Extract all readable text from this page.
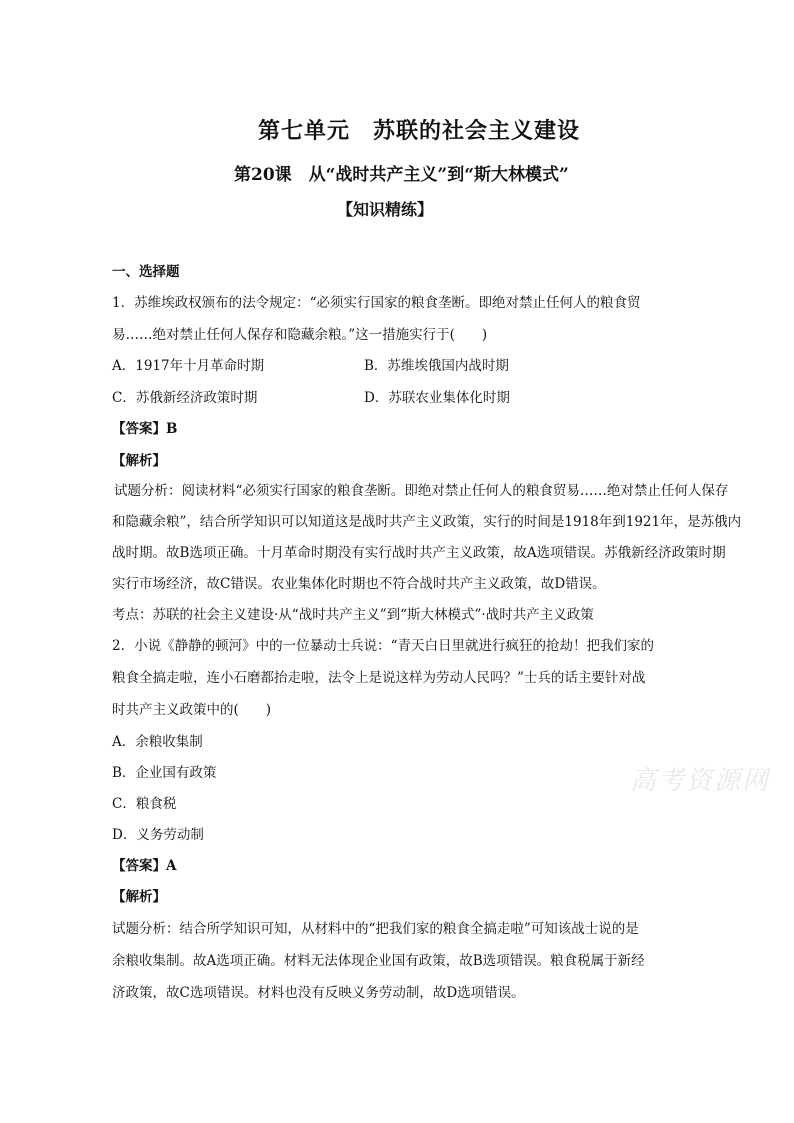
第七单元　苏联的社会主义建设
第20课　从“战时共产主义”到“斯大林模式”
【知识精练】
一、选择题
1．苏维埃政权颁布的法令规定：“必须实行国家的粮食垄断。即绝对禁止任何人的粮食贸
易……绝对禁止任何人保存和隐藏余粮。”这一措施实行于(　　)
A．1917年十月革命时期	B．苏维埃俄国内战时期
C．苏俄新经济政策时期	D．苏联农业集体化时期
【答案】B
【解析】
试题分析：阅读材料“必须实行国家的粮食垄断。即绝对禁止任何人的粮食贸易……绝对禁止任何人保存
和隐藏余粮”，结合所学知识可以知道这是战时共产主义政策，实行的时间是1918年到1921年，是苏俄内
战时期。故B选项正确。十月革命时期没有实行战时共产主义政策，故A选项错误。苏俄新经济政策时期
实行市场经济，故C错误。农业集体化时期也不符合战时共产主义政策，故D错误。
考点：苏联的社会主义建设·从“战时共产主义”到“斯大林模式”·战时共产主义政策
2．小说《静静的顿河》中的一位暴动士兵说：“青天白日里就进行疯狂的抢劫！把我们家的
粮食全搞走啦，连小石磨都抬走啦，法令上是说这样为劳动人民吗？”士兵的话主要针对战
时共产主义政策中的(　　)
A．余粮收集制
B．企业国有政策
C．粮食税
D．义务劳动制
【答案】A
【解析】
试题分析：结合所学知识可知，从材料中的“把我们家的粮食全搞走啦”可知该战士说的是
余粮收集制。故A选项正确。材料无法体现企业国有政策，故B选项错误。粮食税属于新经
济政策，故C选项错误。材料也没有反映义务劳动制，故D选项错误。
高考资源网
